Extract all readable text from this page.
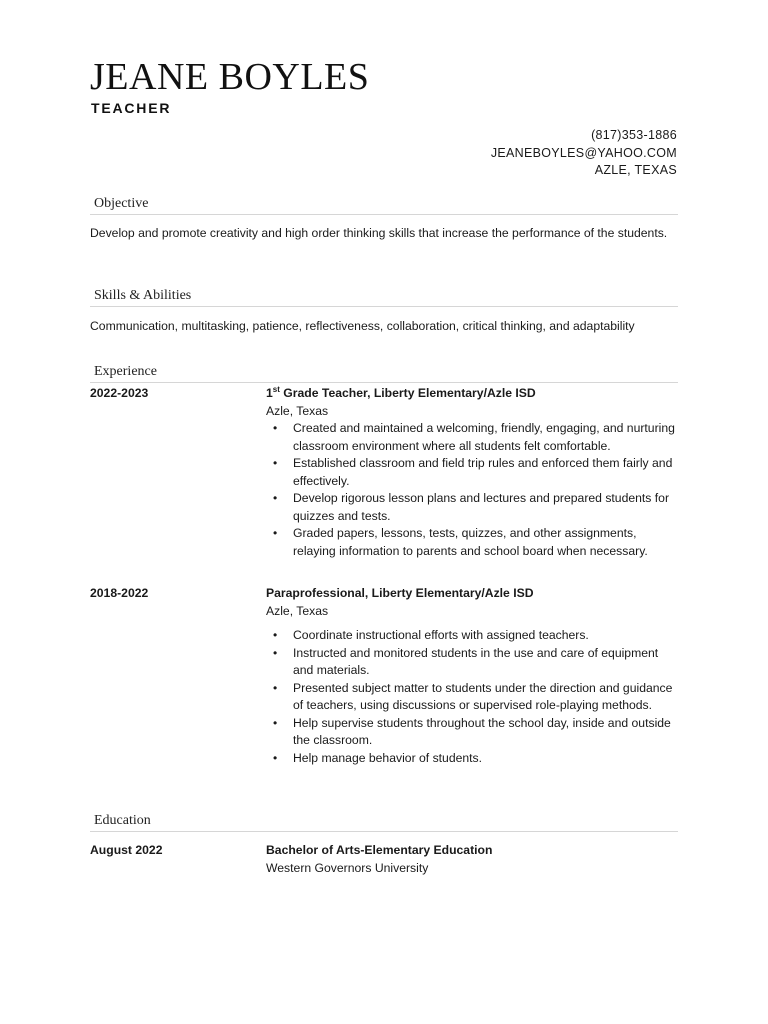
JEANE BOYLES
TEACHER
(817)353-1886
JEANEBOYLES@YAHOO.COM
AZLE, TEXAS
Objective
Develop and promote creativity and high order thinking skills that increase the performance of the students.
Skills & Abilities
Communication, multitasking, patience, reflectiveness, collaboration, critical thinking, and adaptability
Experience
2022-2023	1st Grade Teacher, Liberty Elementary/Azle ISD
Azle, Texas
• Created and maintained a welcoming, friendly, engaging, and nurturing classroom environment where all students felt comfortable.
• Established classroom and field trip rules and enforced them fairly and effectively.
• Develop rigorous lesson plans and lectures and prepared students for quizzes and tests.
• Graded papers, lessons, tests, quizzes, and other assignments, relaying information to parents and school board when necessary.
2018-2022	Paraprofessional, Liberty Elementary/Azle ISD
Azle, Texas
• Coordinate instructional efforts with assigned teachers.
• Instructed and monitored students in the use and care of equipment and materials.
• Presented subject matter to students under the direction and guidance of teachers, using discussions or supervised role-playing methods.
• Help supervise students throughout the school day, inside and outside the classroom.
• Help manage behavior of students.
Education
August 2022	Bachelor of Arts-Elementary Education
Western Governors University
